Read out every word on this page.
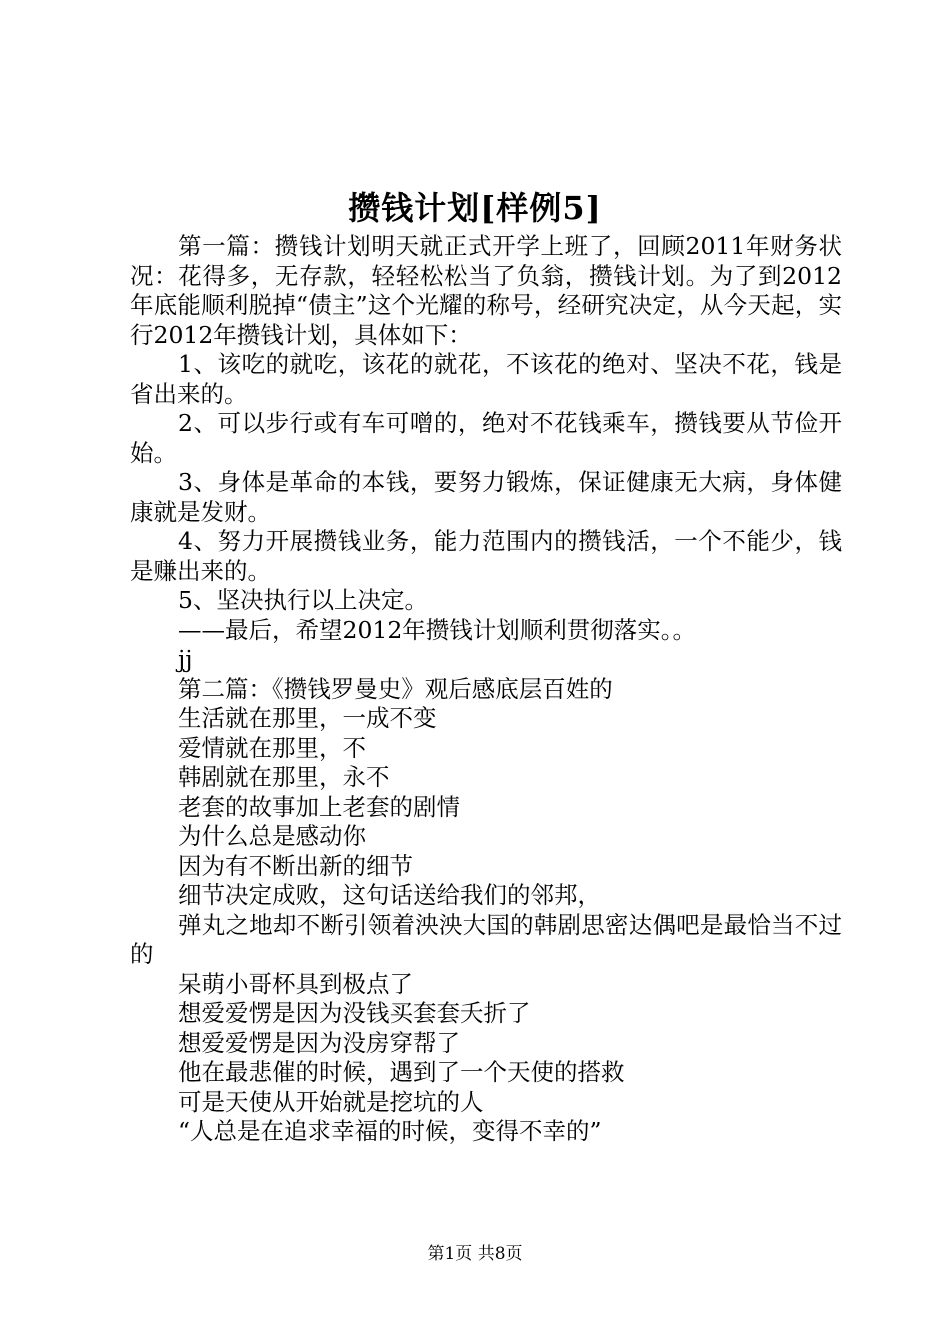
攒钱计划[样例5]

第一篇：攒钱计划明天就正式开学上班了，回顾2011年财务状况：花得多，无存款，轻轻松松当了负翁，攒钱计划。为了到2012年底能顺利脱掉“债主”这个光耀的称号，经研究决定，从今天起，实行2012年攒钱计划，具体如下：

1、该吃的就吃，该花的就花，不该花的绝对、坚决不花，钱是省出来的。

2、可以步行或有车可噌的，绝对不花钱乘车，攒钱要从节俭开始。

3、身体是革命的本钱，要努力锻炼，保证健康无大病，身体健康就是发财。

4、努力开展攒钱业务，能力范围内的攒钱活，一个不能少，钱是赚出来的。

5、坚决执行以上决定。

——最后，希望2012年攒钱计划顺利贯彻落实。。

jj

第二篇：《攒钱罗曼史》观后感底层百姓的

生活就在那里，一成不变

爱情就在那里，不

韩剧就在那里，永不

老套的故事加上老套的剧情

为什么总是感动你

因为有不断出新的细节

细节决定成败，这句话送给我们的邻邦，

弹丸之地却不断引领着泱泱大国的韩剧思密达偶吧是最恰当不过的

呆萌小哥杯具到极点了

想爱爱愣是因为没钱买套套夭折了

想爱爱愣是因为没房穿帮了

他在最悲催的时候，遇到了一个天使的搭救

可是天使从开始就是挖坑的人

“人总是在追求幸福的时候，变得不幸的”

第1页 共8页
